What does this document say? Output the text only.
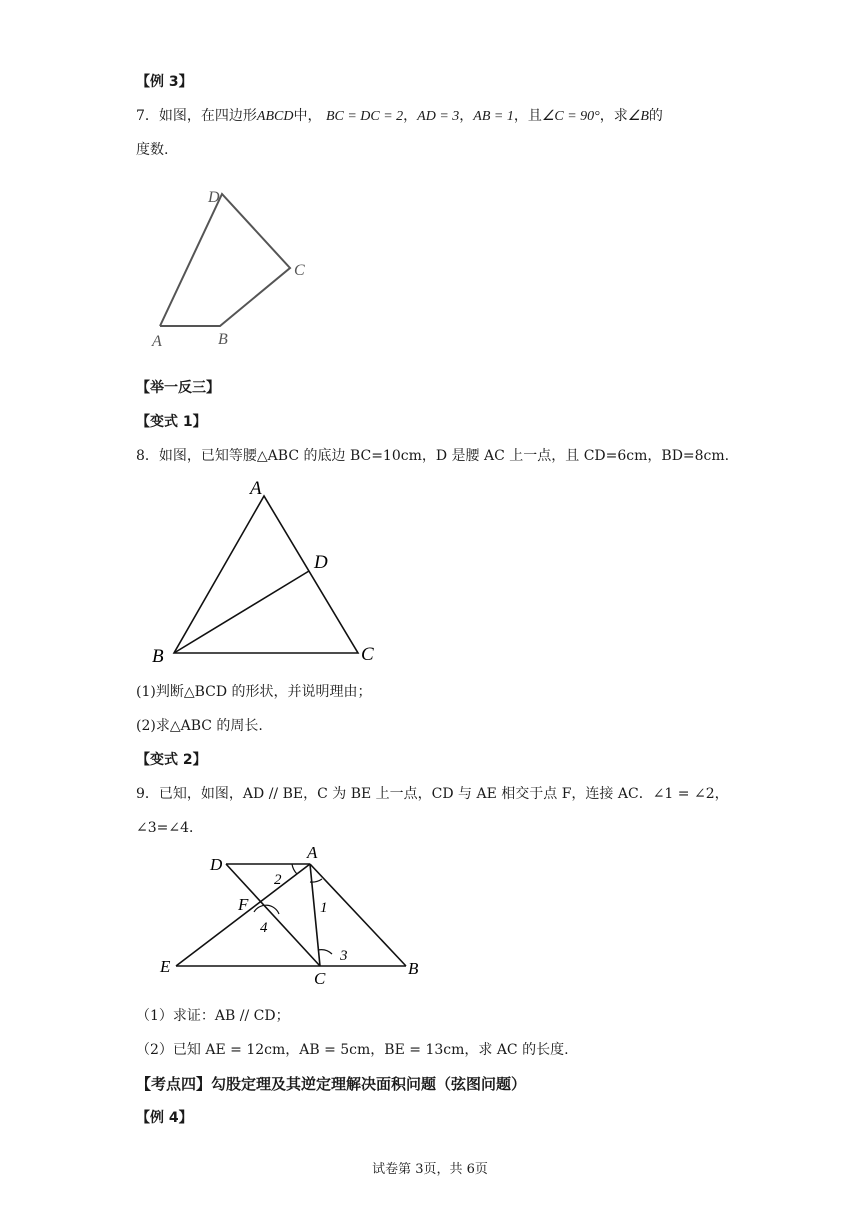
【例 3】
7．如图，在四边形ABCD中， BC = DC = 2，AD = 3，AB = 1，且∠C = 90°，求∠B的
度数.
D
C
A	B
【举一反三】
【变式 1】
8．如图，已知等腰△ABC 的底边 BC=10cm，D 是腰 AC 上一点，且 CD=6cm，BD=8cm.
A
D
B	C
(1)判断△BCD 的形状，并说明理由；
(2)求△ABC 的周长.
【变式 2】
9．已知，如图，AD // BE，C 为 BE 上一点，CD 与 AE 相交于点 F，连接 AC．∠1 = ∠2，
∠3=∠4．
D
A
F
E
C
B
1
2
3
4
（1）求证：AB // CD；
（2）已知 AE = 12cm，AB = 5cm，BE = 13cm，求 AC 的长度.
【考点四】勾股定理及其逆定理解决面积问题（弦图问题）
【例 4】
试卷第 3页，共 6页
